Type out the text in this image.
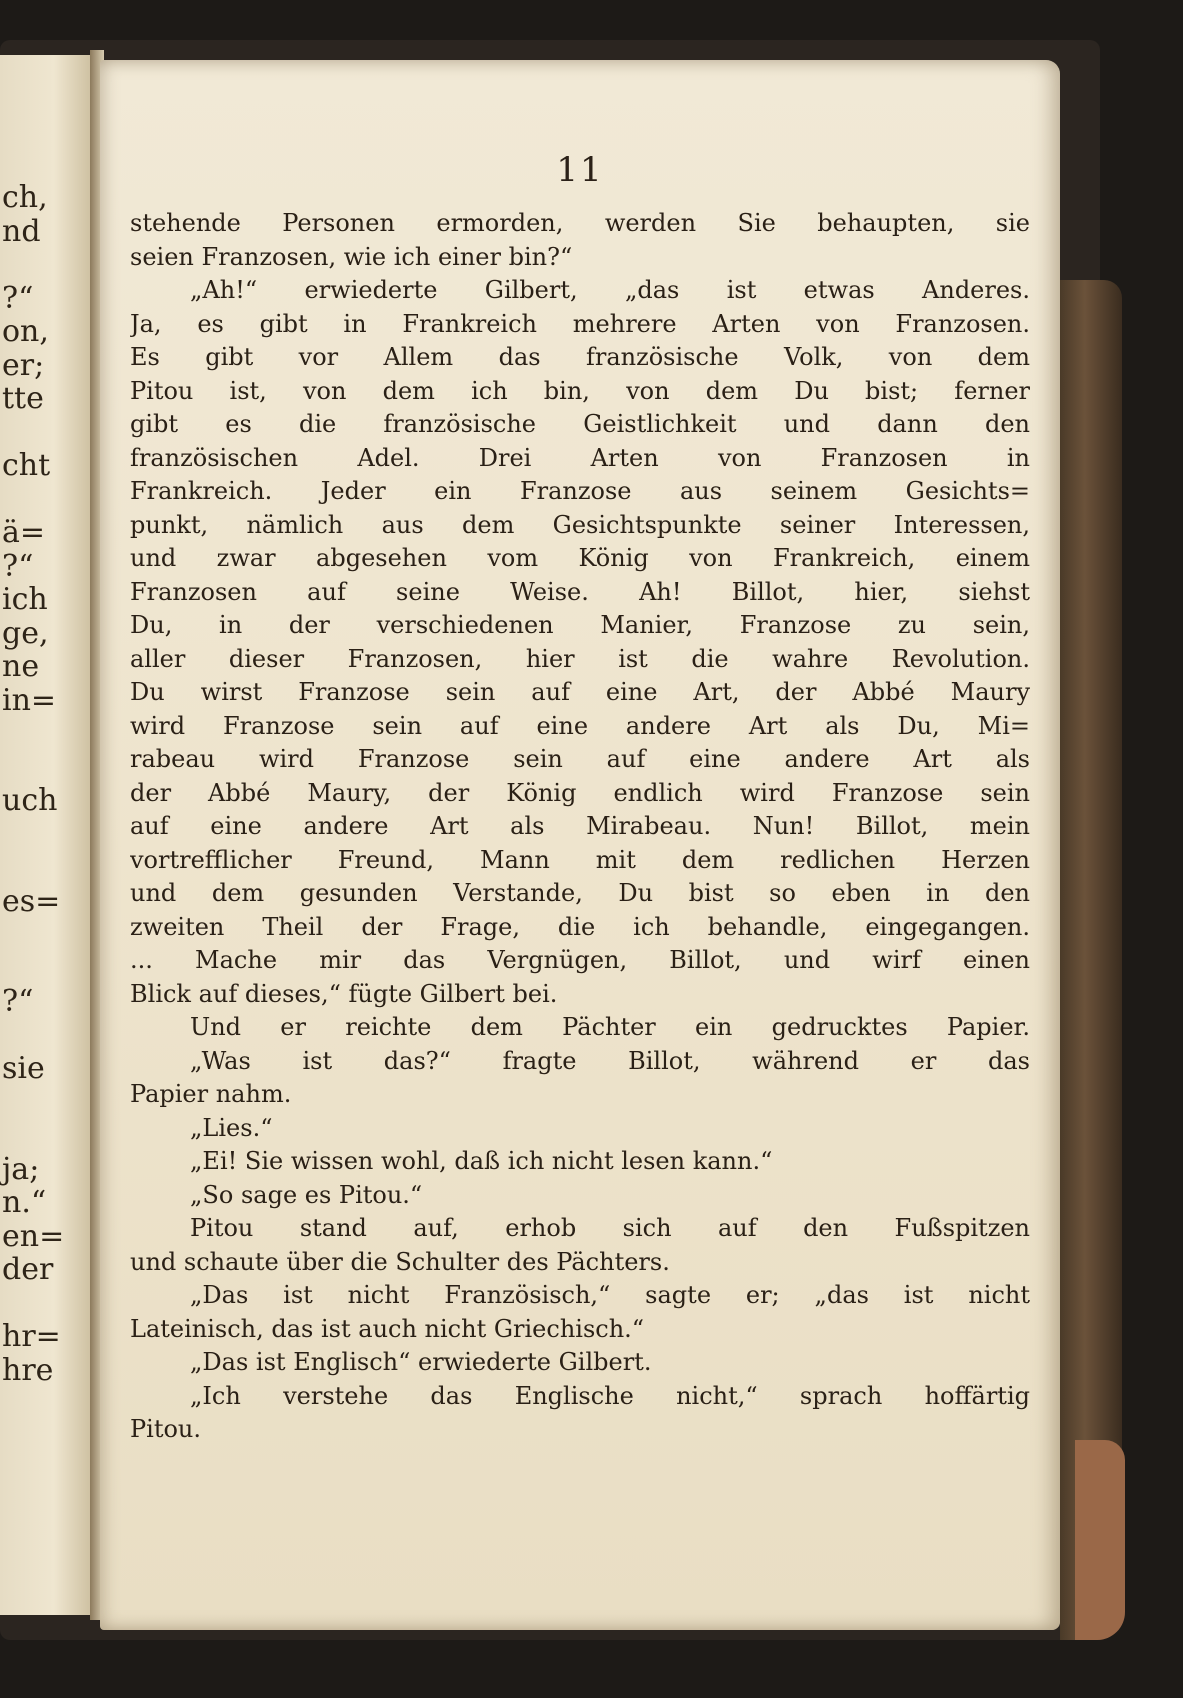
ch,
nd
?“
on,
er;
tte
cht
ä=
?“
ich
ge,
ne
in=
uch
es=
?“
sie
ja;
n.“
en=
der
hr=
hre
11
stehende Personen ermorden, werden Sie behaupten, sie
seien Franzosen, wie ich einer bin?“
„Ah!“ erwiederte Gilbert, „das ist etwas Anderes.
Ja, es gibt in Frankreich mehrere Arten von Franzosen.
Es gibt vor Allem das französische Volk, von dem
Pitou ist, von dem ich bin, von dem Du bist; ferner
gibt es die französische Geistlichkeit und dann den
französischen Adel. Drei Arten von Franzosen in
Frankreich. Jeder ein Franzose aus seinem Gesichts=
punkt, nämlich aus dem Gesichtspunkte seiner Interessen,
und zwar abgesehen vom König von Frankreich, einem
Franzosen auf seine Weise. Ah! Billot, hier, siehst
Du, in der verschiedenen Manier, Franzose zu sein,
aller dieser Franzosen, hier ist die wahre Revolution.
Du wirst Franzose sein auf eine Art, der Abbé Maury
wird Franzose sein auf eine andere Art als Du, Mi=
rabeau wird Franzose sein auf eine andere Art als
der Abbé Maury, der König endlich wird Franzose sein
auf eine andere Art als Mirabeau. Nun! Billot, mein
vortrefflicher Freund, Mann mit dem redlichen Herzen
und dem gesunden Verstande, Du bist so eben in den
zweiten Theil der Frage, die ich behandle, eingegangen.
... Mache mir das Vergnügen, Billot, und wirf einen
Blick auf dieses,“ fügte Gilbert bei.
Und er reichte dem Pächter ein gedrucktes Papier.
„Was ist das?“ fragte Billot, während er das
Papier nahm.
„Lies.“
„Ei! Sie wissen wohl, daß ich nicht lesen kann.“
„So sage es Pitou.“
Pitou stand auf, erhob sich auf den Fußspitzen
und schaute über die Schulter des Pächters.
„Das ist nicht Französisch,“ sagte er; „das ist nicht
Lateinisch, das ist auch nicht Griechisch.“
„Das ist Englisch“ erwiederte Gilbert.
„Ich verstehe das Englische nicht,“ sprach hoffärtig
Pitou.
